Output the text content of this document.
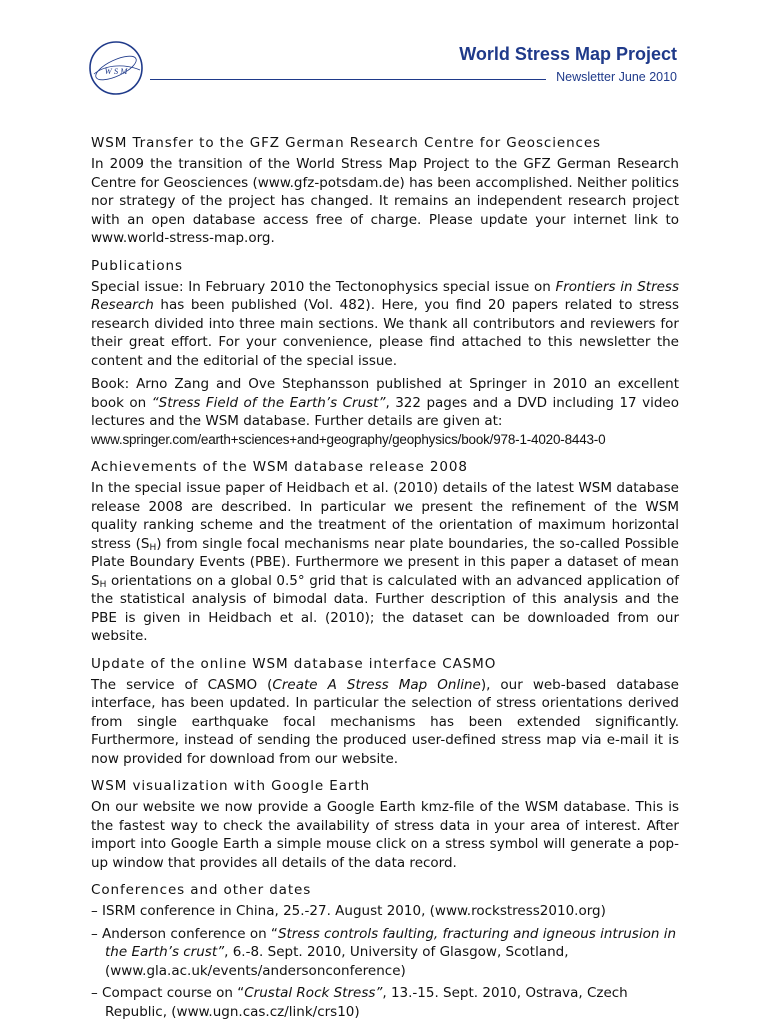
W S M
World Stress Map Project
Newsletter June 2010
WSM Transfer to the GFZ German Research Centre for Geosciences

In 2009 the transition of the World Stress Map Project to the GFZ German Research Centre for Geosciences (www.gfz-potsdam.de) has been accomplished. Neither politics nor strategy of the project has changed. It remains an independent research project with an open database access free of charge. Please update your internet link to www.world-stress-map.org.

Publications

Special issue: In February 2010 the Tectonophysics special issue on Frontiers in Stress Research has been published (Vol. 482). Here, you find 20 papers related to stress research divided into three main sections. We thank all contributors and reviewers for their great effort. For your convenience, please find attached to this newsletter the content and the editorial of the special issue.

Book: Arno Zang and Ove Stephansson published at Springer in 2010 an excellent book on “Stress Field of the Earth’s Crust”, 322 pages and a DVD including 17 video lectures and the WSM database. Further details are given at:
www.springer.com/earth+sciences+and+geography/geophysics/book/978-1-4020-8443-0

Achievements of the WSM database release 2008

In the special issue paper of Heidbach et al. (2010) details of the latest WSM database release 2008 are described. In particular we present the refinement of the WSM quality ranking scheme and the treatment of the orientation of maximum horizontal stress $(S_H)$ from single focal mechanisms near plate boundaries, the so-called Possible Plate Boundary Events (PBE). Furthermore we present in this paper a dataset of mean $S_H$ orientations on a global 0.5° grid that is calculated with an advanced application of the statistical analysis of bimodal data. Further description of this analysis and the PBE is given in Heidbach et al. (2010); the dataset can be downloaded from our website.

Update of the online WSM database interface CASMO

The service of CASMO (Create A Stress Map Online), our web-based database interface, has been updated. In particular the selection of stress orientations derived from single earthquake focal mechanisms has been extended significantly. Furthermore, instead of sending the produced user-defined stress map via e-mail it is now provided for download from our website.

WSM visualization with Google Earth

On our website we now provide a Google Earth kmz-file of the WSM database. This is the fastest way to check the availability of stress data in your area of interest. After import into Google Earth a simple mouse click on a stress symbol will generate a pop-up window that provides all details of the data record.

Conferences and other dates
– ISRM conference in China, 25.-27. August 2010, (www.rockstress2010.org)
– Anderson conference on “Stress controls faulting, fracturing and igneous intrusion in the Earth’s crust”, 6.-8. Sept. 2010, University of Glasgow, Scotland, (www.gla.ac.uk/events/andersonconference)
– Compact course on “Crustal Rock Stress”, 13.-15. Sept. 2010, Ostrava, Czech Republic, (www.ugn.cas.cz/link/crs10)
